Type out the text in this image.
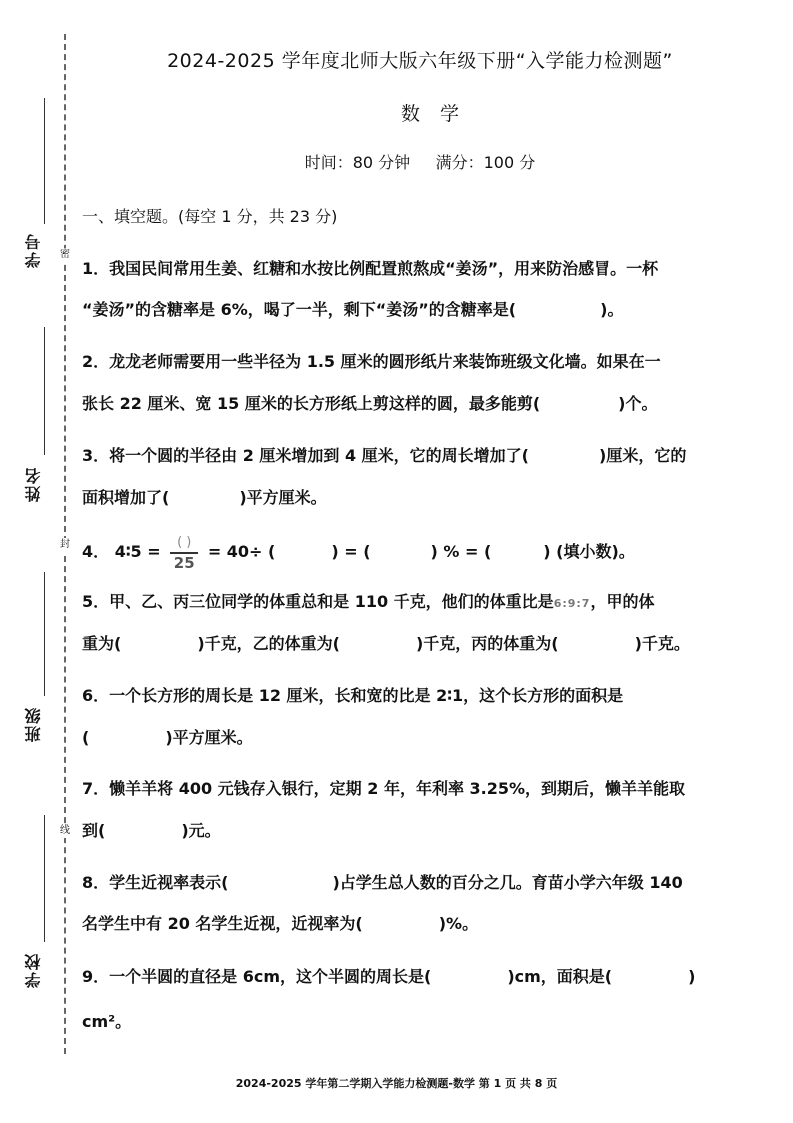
学号
姓名
班级
学校
密
封
线
2024-2025 学年度北师大版六年级下册“入学能力检测题”
数学
时间：80 分钟     满分：100 分
一、填空题。(每空 1 分，共 23 分)
1．我国民间常用生姜、红糖和水按比例配置煎熬成“姜汤”，用来防治感冒。一杯
“姜汤”的含糖率是 6%，喝了一半，剩下“姜汤”的含糖率是(	)。
2．龙龙老师需要用一些半径为 1.5 厘米的圆形纸片来装饰班级文化墙。如果在一
张长 22 厘米、宽 15 厘米的长方形纸上剪这样的圆，最多能剪(	)个。
3．将一个圆的半径由 2 厘米增加到 4 厘米，它的周长增加了(	)厘米，它的
面积增加了(	)平方厘米。
4． 4∶5 = $\frac{( )}{25} = 40\div$ (	) = (	) % = (	) (填小数)。
5．甲、乙、丙三位同学的体重总和是 110 千克，他们的体重比是6:9:7，甲的体
重为(	)千克，乙的体重为(	)千克，丙的体重为(	)千克。
6．一个长方形的周长是 12 厘米，长和宽的比是 2∶1，这个长方形的面积是
(	)平方厘米。
7．懒羊羊将 400 元钱存入银行，定期 2 年，年利率 3.25%，到期后，懒羊羊能取
到(	)元。
8．学生近视率表示(	)占学生总人数的百分之几。育苗小学六年级 140
名学生中有 20 名学生近视，近视率为(	)%。
9．一个半圆的直径是 6cm，这个半圆的周长是(	)cm，面积是(	)
cm²。
2024-2025 学年第二学期入学能力检测题-数学 第 1 页 共 8 页
